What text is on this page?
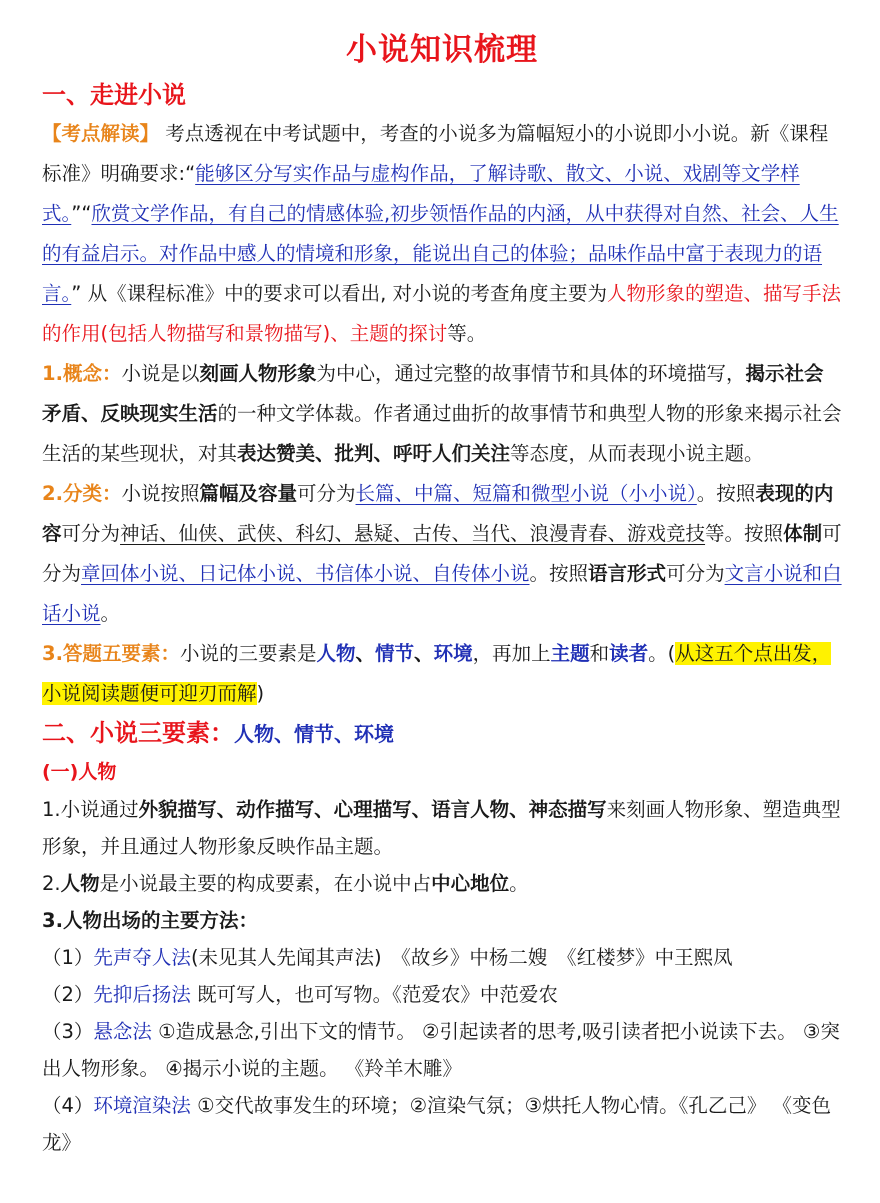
小说知识梳理
一、走进小说

【考点解读】 考点透视在中考试题中，考查的小说多为篇幅短小的小说即小小说。新《课程标准》明确要求:“能够区分写实作品与虚构作品，了解诗歌、散文、小说、戏剧等文学样式。”“欣赏文学作品，有自己的情感体验,初步领悟作品的内涵，从中获得对自然、社会、人生的有益启示。对作品中感人的情境和形象，能说出自己的体验；品味作品中富于表现力的语言。” 从《课程标准》中的要求可以看出, 对小说的考查角度主要为人物形象的塑造、描写手法的作用(包括人物描写和景物描写)、主题的探讨等。

1.概念：小说是以刻画人物形象为中心，通过完整的故事情节和具体的环境描写，揭示社会矛盾、反映现实生活的一种文学体裁。作者通过曲折的故事情节和典型人物的形象来揭示社会生活的某些现状，对其表达赞美、批判、呼吁人们关注等态度，从而表现小说主题。

2.分类：小说按照篇幅及容量可分为长篇、中篇、短篇和微型小说（小小说）。按照表现的内容可分为神话、仙侠、武侠、科幻、悬疑、古传、当代、浪漫青春、游戏竞技等。按照体制可分为章回体小说、日记体小说、书信体小说、自传体小说。按照语言形式可分为文言小说和白话小说。

3.答题五要素：小说的三要素是人物、情节、环境，再加上主题和读者。(从这五个点出发，小说阅读题便可迎刃而解)

二、小说三要素：人物、情节、环境
(一)人物

1.小说通过外貌描写、动作描写、心理描写、语言人物、神态描写来刻画人物形象、塑造典型形象，并且通过人物形象反映作品主题。

2.人物是小说最主要的构成要素，在小说中占中心地位。

3.人物出场的主要方法：

（1）先声夺人法(未见其人先闻其声法)　《故乡》中杨二嫂　《红楼梦》中王熙凤

（2）先抑后扬法 既可写人，也可写物。《范爱农》中范爱农

（3）悬念法 ①造成悬念,引出下文的情节。 ②引起读者的思考,吸引读者把小说读下去。 ③突出人物形象。 ④揭示小说的主题。 《羚羊木雕》

（4）环境渲染法 ①交代故事发生的环境；②渲染气氛；③烘托人物心情。《孔乙己》 《变色龙》
